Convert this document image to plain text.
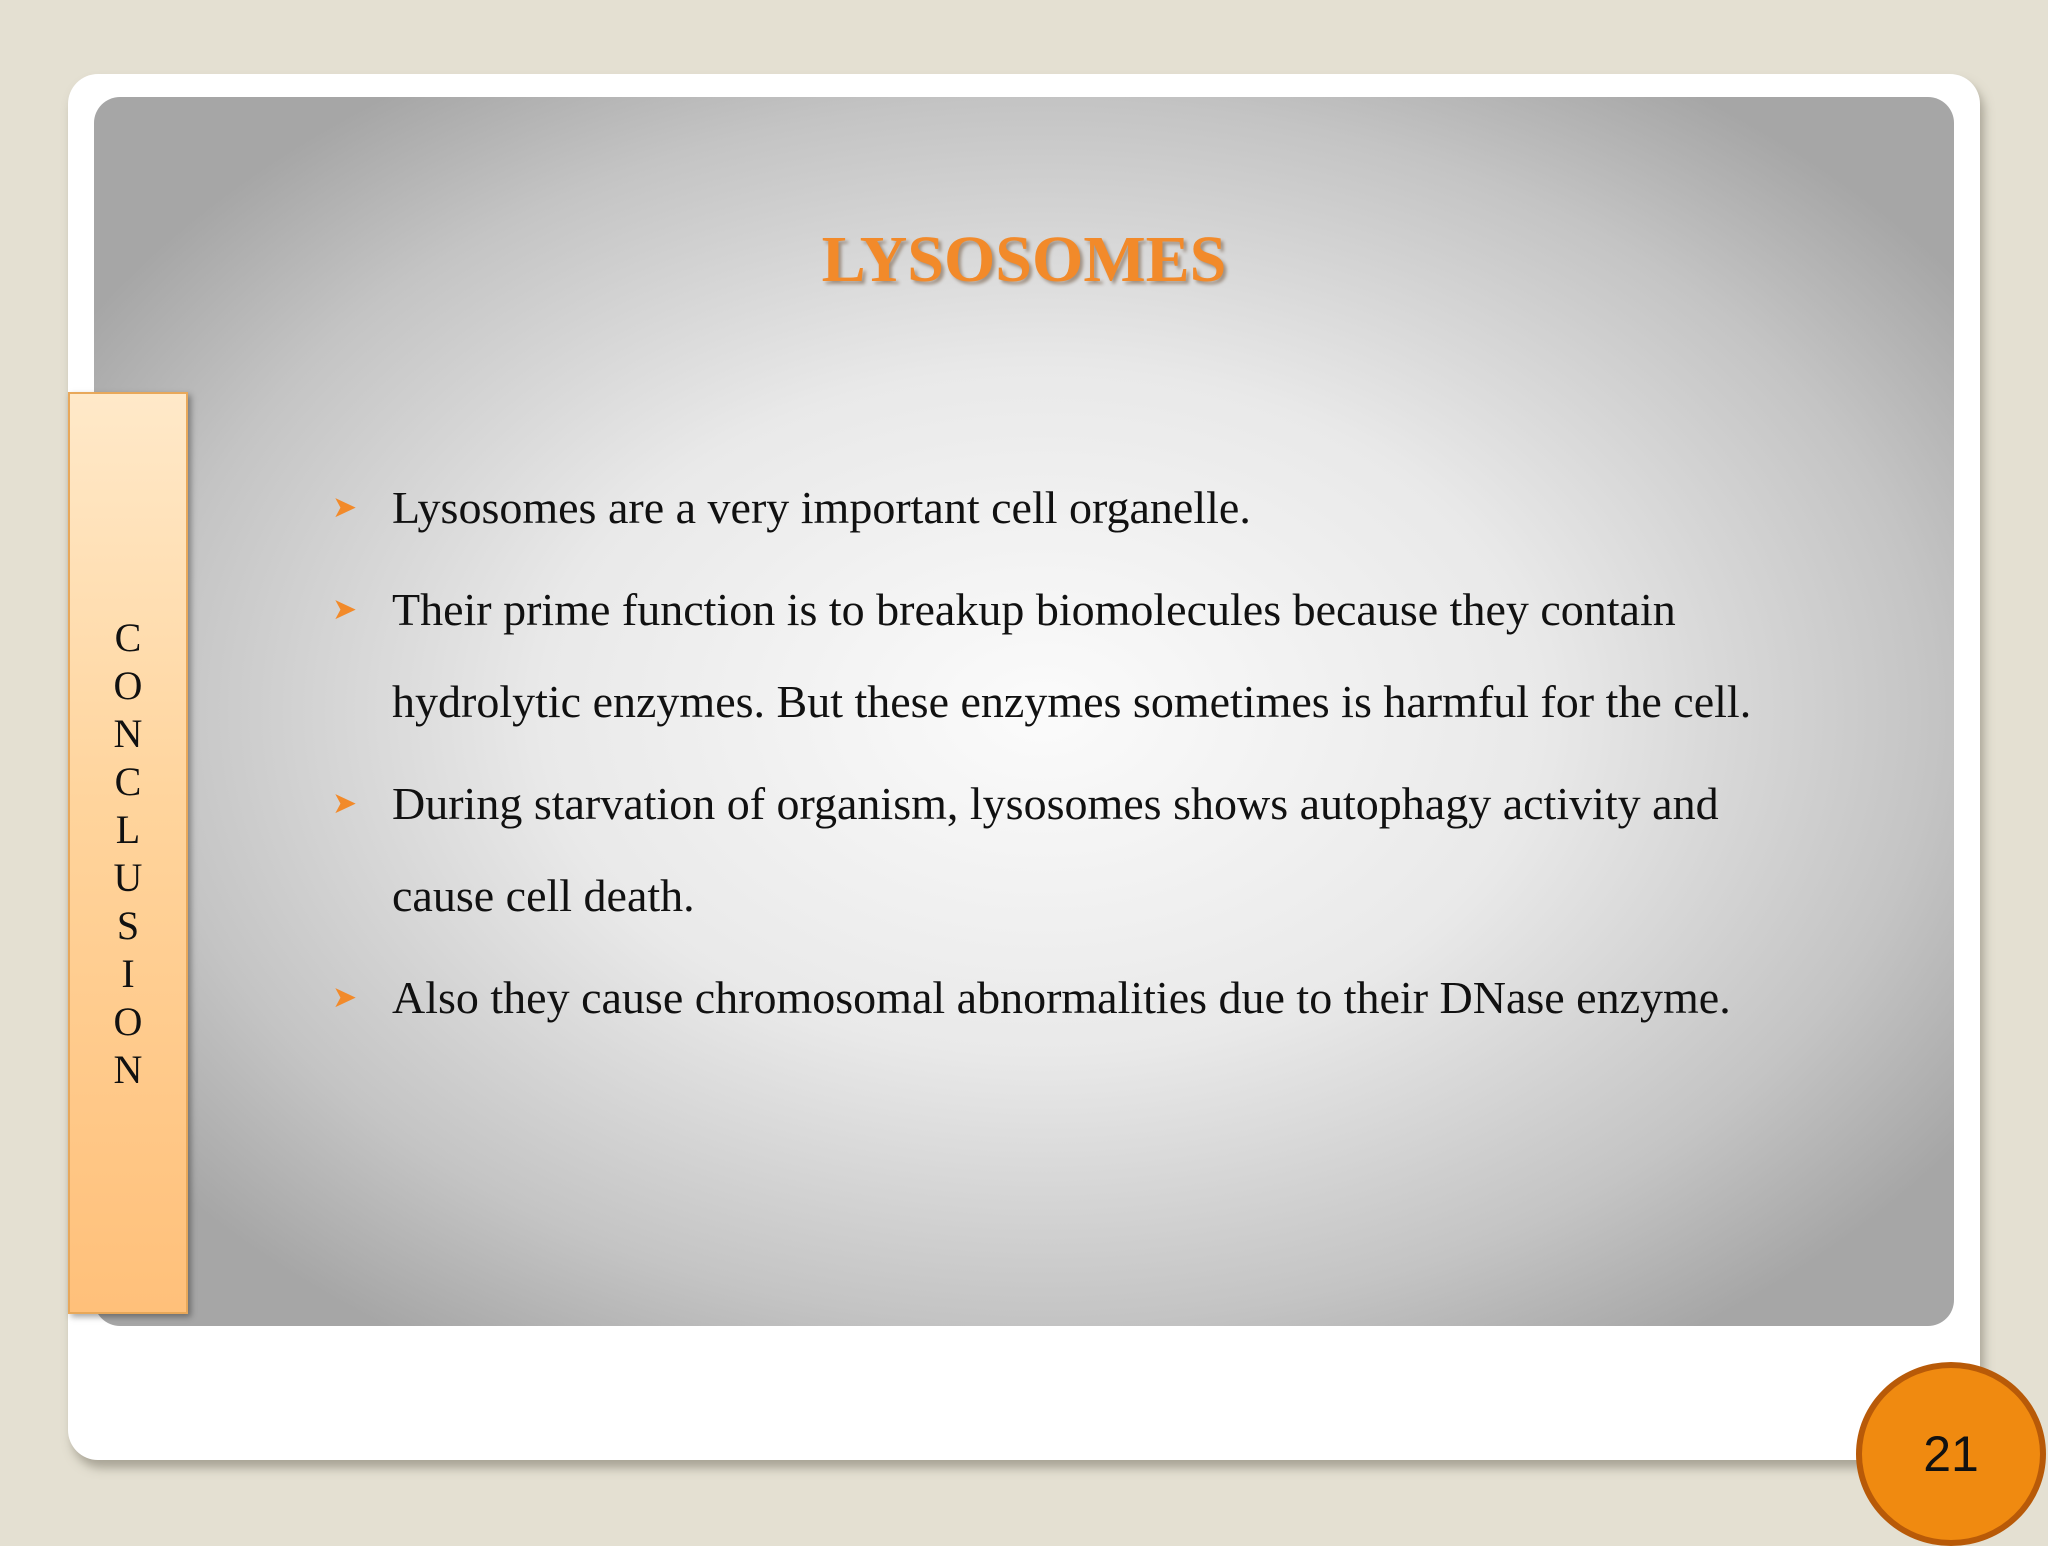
LYSOSOMES
C
O
N
C
L
U
S
I
O
N
➤ Lysosomes are a very important cell organelle.
➤ Their prime function is to breakup biomolecules because they contain hydrolytic enzymes. But these enzymes sometimes is harmful for the cell.
➤ During starvation of organism, lysosomes shows autophagy activity and cause cell death.
➤ Also they cause chromosomal abnormalities due to their DNase enzyme.
21
